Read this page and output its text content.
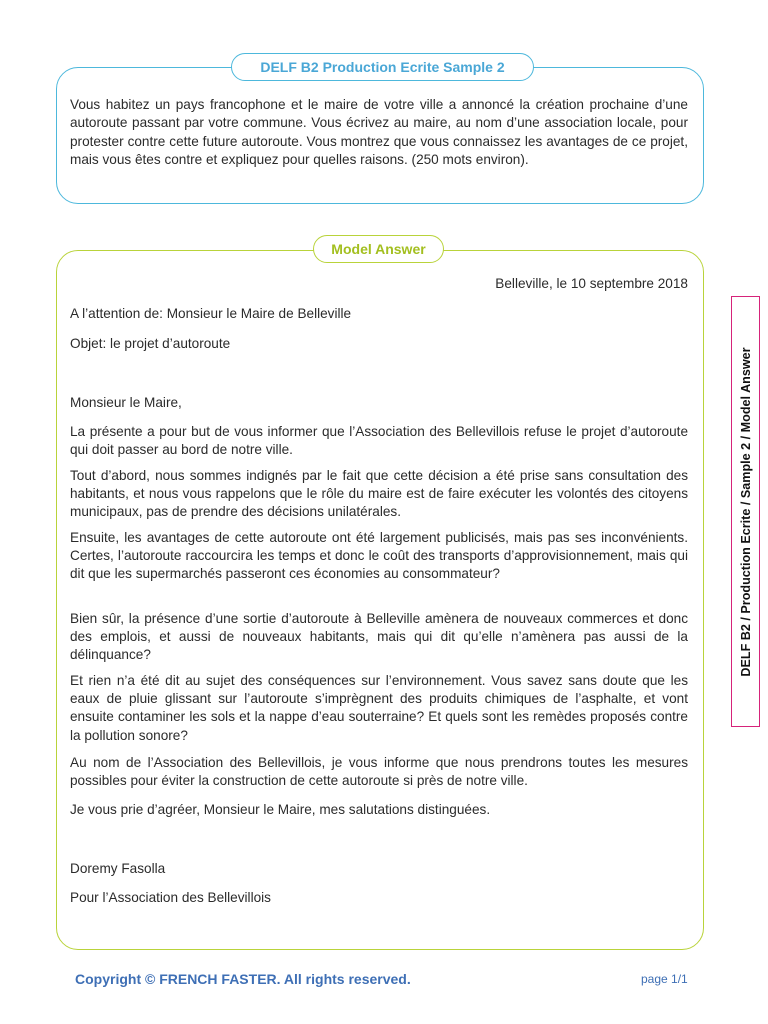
DELF B2 Production Ecrite Sample 2
Vous habitez un pays francophone et le maire de votre ville a annoncé la création prochaine d’une autoroute passant par votre commune. Vous écrivez au maire, au nom d’une association locale, pour protester contre cette future autoroute. Vous montrez que vous connaissez les avantages de ce projet, mais vous êtes contre et expliquez pour quelles raisons. (250 mots environ).
Model Answer
Belleville, le 10 septembre 2018
A l’attention de: Monsieur le Maire de Belleville
Objet: le projet d’autoroute
Monsieur le Maire,
La présente a pour but de vous informer que l’Association des Bellevillois refuse le projet d’autoroute qui doit passer au bord de notre ville.
Tout d’abord, nous sommes indignés par le fait que cette décision a été prise sans consultation des habitants, et nous vous rappelons que le rôle du maire est de faire exécuter les volontés des citoyens municipaux, pas de prendre des décisions unilatérales.
Ensuite, les avantages de cette autoroute ont été largement publicisés, mais pas ses inconvénients. Certes, l’autoroute raccourcira les temps et donc le coût des transports d’approvisionnement, mais qui dit que les supermarchés passeront ces économies au consommateur?
Bien sûr, la présence d’une sortie d’autoroute à Belleville amènera de nouveaux commerces et donc des emplois, et aussi de nouveaux habitants, mais qui dit qu’elle n’amènera pas aussi de la délinquance?
Et rien n’a été dit au sujet des conséquences sur l’environnement. Vous savez sans doute que les eaux de pluie glissant sur l’autoroute s’imprègnent des produits chimiques de l’asphalte, et vont ensuite contaminer les sols et la nappe d’eau souterraine? Et quels sont les remèdes proposés contre la pollution sonore?
Au nom de l’Association des Bellevillois, je vous informe que nous prendrons toutes les mesures possibles pour éviter la construction de cette autoroute si près de notre ville.
Je vous prie d’agréer, Monsieur le Maire, mes salutations distinguées.
Doremy Fasolla
Pour l’Association des Bellevillois
DELF B2 / Production Ecrite / Sample 2 / Model Answer
Copyright © FRENCH FASTER. All rights reserved.	page 1/1
